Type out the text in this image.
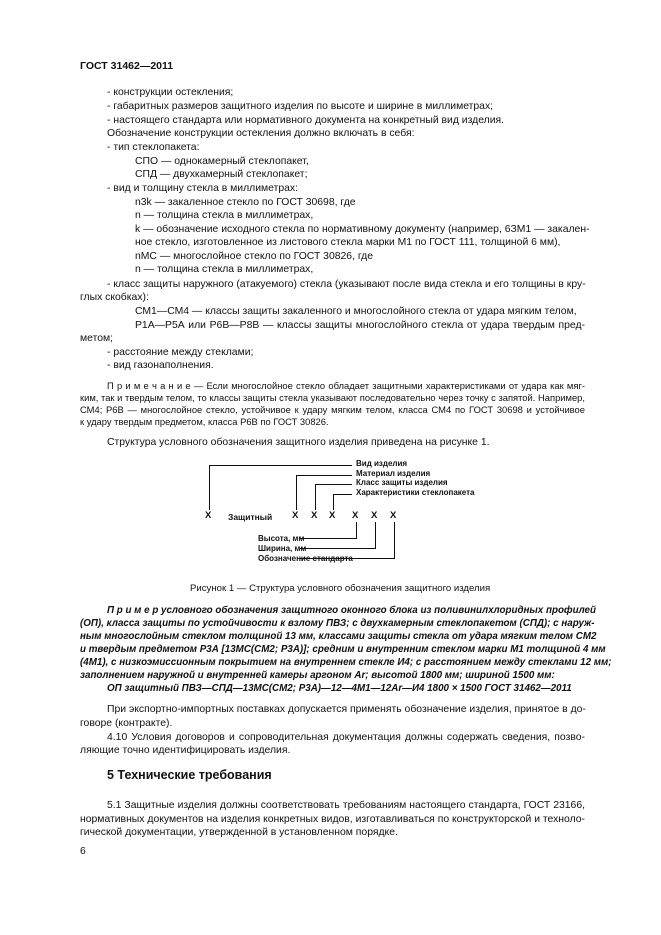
ГОСТ 31462—2011
- конструкции остекления;
- габаритных размеров защитного изделия по высоте и ширине в миллиметрах;
- настоящего стандарта или нормативного документа на конкретный вид изделия.
Обозначение конструкции остекления должно включать в себя:
- тип стеклопакета:
СПО — однокамерный стеклопакет,
СПД — двухкамерный стеклопакет;
- вид и толщину стекла в миллиметрах:
n3k — закаленное стекло по ГОСТ 30698, где
n — толщина стекла в миллиметрах,
k — обозначение исходного стекла по нормативному документу (например, 6ЗМ1 — закален-
ное стекло, изготовленное из листового стекла марки М1 по ГОСТ 111, толщиной 6 мм),
nМС — многослойное стекло по ГОСТ 30826, где
n — толщина стекла в миллиметрах,
- класс защиты наружного (атакуемого) стекла (указывают после вида стекла и его толщины в кру-
глых скобках):
СМ1—СМ4 — классы защиты закаленного и многослойного стекла от удара мягким телом,
Р1А—Р5А или Р6В—Р8В — классы защиты многослойного стекла от удара твердым пред-
метом;
- расстояние между стеклами;
- вид газонаполнения.
П р и м е ч а н и е — Если многослойное стекло обладает защитными характеристиками от удара как мяг-
ким, так и твердым телом, то классы защиты стекла указывают последовательно через точку с запятой. Например,
СМ4; Р6В — многослойное стекло, устойчивое к удару мягким телом, класса СМ4 по ГОСТ 30698 и устойчивое
к удару твердым предметом, класса Р6В по ГОСТ 30826.
Структура условного обозначения защитного изделия приведена на рисунке 1.
Вид изделия
Материал изделия
Класс защиты изделия
Характеристики стеклопакета
X Защитный X X X X X X
Высота, мм
Ширина, мм
Обозначение стандарта
Рисунок 1 — Структура условного обозначения защитного изделия
П р и м е р условного обозначения защитного оконного блока из поливинилхлоридных профилей
(ОП), класса защиты по устойчивости к взлому ПВЗ; с двухкамерным стеклопакетом (СПД); с наруж-
ным многослойным стеклом толщиной 13 мм, классами защиты стекла от удара мягким телом СМ2
и твердым предметом Р3А [13МС(СМ2; Р3А)]; средним и внутренним стеклом марки М1 толщиной 4 мм
(4М1), с низкоэмиссионным покрытием на внутреннем стекле И4; с расстоянием между стеклами 12 мм;
заполнением наружной и внутренней камеры аргоном Ar; высотой 1800 мм; шириной 1500 мм:
ОП защитный ПВЗ—СПД—13МС(СМ2; Р3А)—12—4М1—12Ar—И4 1800 × 1500 ГОСТ 31462—2011
При экспортно-импортных поставках допускается применять обозначение изделия, принятое в до-
говоре (контракте).
4.10 Условия договоров и сопроводительная документация должны содержать сведения, позво-
ляющие точно идентифицировать изделия.
5 Технические требования
5.1 Защитные изделия должны соответствовать требованиям настоящего стандарта, ГОСТ 23166,
нормативных документов на изделия конкретных видов, изготавливаться по конструкторской и техноло-
гической документации, утвержденной в установленном порядке.
6
